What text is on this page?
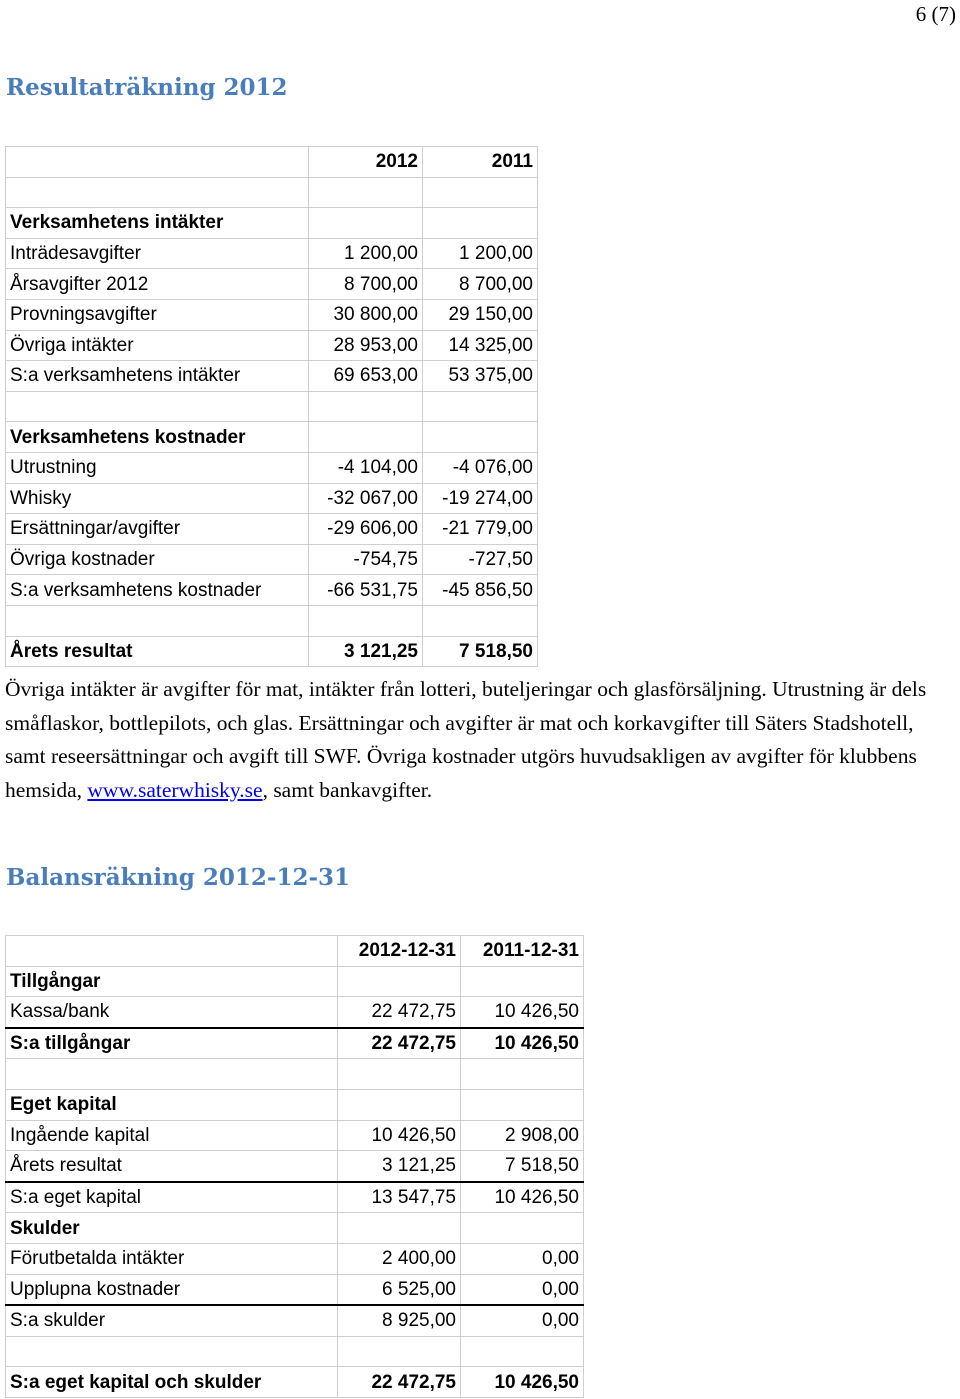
6 (7)
Resultaträkning 2012
	2012	2011

Verksamhetens intäkter		
Inträdesavgifter	1 200,00	1 200,00
Årsavgifter 2012	8 700,00	8 700,00
Provningsavgifter	30 800,00	29 150,00
Övriga intäkter	28 953,00	14 325,00
S:a verksamhetens intäkter	69 653,00	53 375,00

Verksamhetens kostnader		
Utrustning	-4 104,00	-4 076,00
Whisky	-32 067,00	-19 274,00
Ersättningar/avgifter	-29 606,00	-21 779,00
Övriga kostnader	-754,75	-727,50
S:a verksamhetens kostnader	-66 531,75	-45 856,50

Årets resultat	3 121,25	7 518,50

Övriga intäkter är avgifter för mat, intäkter från lotteri, buteljeringar och glasförsäljning. Utrustning är dels småflaskor, bottlepilots, och glas. Ersättningar och avgifter är mat och korkavgifter till Säters Stadshotell, samt reseersättningar och avgift till SWF. Övriga kostnader utgörs huvudsakligen av avgifter för klubbens hemsida, www.saterwhisky.se, samt bankavgifter.

Balansräkning 2012-12-31
	2012-12-31	2011-12-31
Tillgångar		
Kassa/bank	22 472,75	10 426,50
S:a tillgångar	22 472,75	10 426,50

Eget kapital		
Ingående kapital	10 426,50	2 908,00
Årets resultat	3 121,25	7 518,50
S:a eget kapital	13 547,75	10 426,50
Skulder		
Förutbetalda intäkter	2 400,00	0,00
Upplupna kostnader	6 525,00	0,00
S:a skulder	8 925,00	0,00

S:a eget kapital och skulder	22 472,75	10 426,50
